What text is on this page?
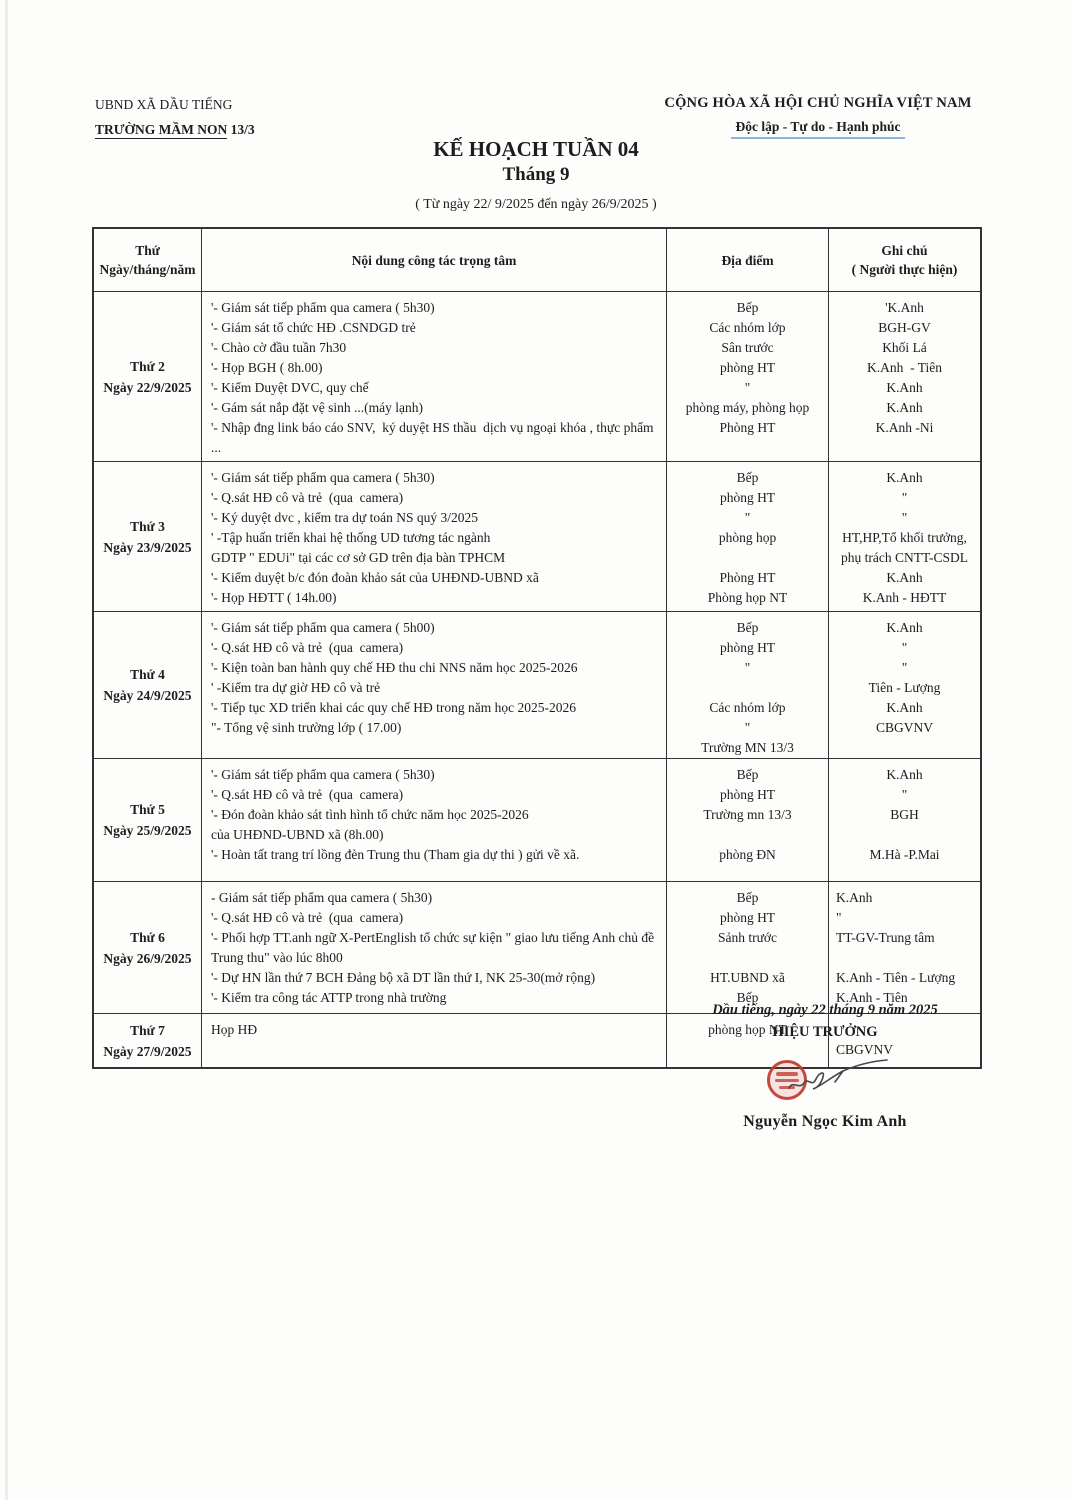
UBND XÃ DẦU TIẾNG
TRƯỜNG MẦM NON 13/3
CỘNG HÒA XÃ HỘI CHỦ NGHĨA VIỆT NAM
Độc lập - Tự do - Hạnh phúc
KẾ HOẠCH TUẦN 04
Tháng 9
( Từ ngày 22/ 9/2025 đến ngày 26/9/2025 )
Thứ
Ngày/tháng/năm
Nội dung công tác trọng tâm	Địa điểm
Ghi chú
( Người thực hiện)
Thứ 2
Ngày 22/9/2025
'- Giám sát tiếp phẩm qua camera ( 5h30)
'- Giám sát tổ chức HĐ .CSNDGD trẻ
'- Chào cờ đầu tuần 7h30
'- Họp BGH ( 8h.00)
'- Kiểm Duyệt DVC, quy chế
'- Gám sát nắp đặt vệ sinh ...(máy lạnh)
'- Nhập đng link báo cáo SNV,  ký duyệt HS thầu  dịch vụ ngoại khóa , thực phẩm ...
Bếp
Các nhóm lớp
Sân trước
phòng HT
"
phòng máy, phòng họp
Phòng HT
'K.Anh
BGH-GV
Khối Lá
K.Anh  - Tiên
K.Anh
K.Anh
K.Anh -Ni
Thứ 3
Ngày 23/9/2025
'- Giám sát tiếp phẩm qua camera ( 5h30)
'- Q.sát HĐ cô và trẻ  (qua  camera)
'- Ký duyệt dvc , kiểm tra dự toán NS quý 3/2025
' -Tập huấn triển khai hệ thống UD tương tác ngành
GDTP " EDUi" tại các cơ sở GD trên địa bàn TPHCM
'- Kiểm duyệt b/c đón đoàn khảo sát của UHĐND-UBND xã
'- Họp HĐTT ( 14h.00)
Bếp
phòng HT
"
phòng họp

Phòng HT
Phòng họp NT
K.Anh
"
"
HT,HP,Tổ khối trưởng,
phụ trách CNTT-CSDL
K.Anh
K.Anh - HĐTT
Thứ 4
Ngày 24/9/2025
'- Giám sát tiếp phẩm qua camera ( 5h00)
'- Q.sát HĐ cô và trẻ  (qua  camera)
'- Kiện toàn ban hành quy chế HĐ thu chi NNS năm học 2025-2026
' -Kiểm tra dự giờ HĐ cô và trẻ
'- Tiếp tục XD triển khai các quy chế HĐ trong năm học 2025-2026
"- Tổng vệ sinh trường lớp ( 17.00)
Bếp
phòng HT
"

Các nhóm lớp
"
Trường MN 13/3
K.Anh
"
"
Tiên - Lượng
K.Anh
CBGVNV
Thứ 5
Ngày 25/9/2025
'- Giám sát tiếp phẩm qua camera ( 5h30)
'- Q.sát HĐ cô và trẻ  (qua  camera)
'- Đón đoàn khảo sát tình hình tổ chức năm học 2025-2026
của UHĐND-UBND xã (8h.00)
'- Hoàn tất trang trí lồng đèn Trung thu (Tham gia dự thi ) gửi về xã.
Bếp
phòng HT
Trường mn 13/3

phòng ĐN
K.Anh
"
BGH

M.Hà -P.Mai
Thứ 6
Ngày 26/9/2025
- Giám sát tiếp phẩm qua camera ( 5h30)
'- Q.sát HĐ cô và trẻ  (qua  camera)
'- Phối hợp TT.anh ngữ X-PertEnglish tổ chức sự kiện " giao lưu tiếng Anh chủ đề
Trung thu" vào lúc 8h00
'- Dự HN lần thứ 7 BCH Đảng bộ xã DT lần thứ I, NK 25-30(mở rộng)
'- Kiểm tra công tác ATTP trong nhà trường
Bếp
phòng HT
Sảnh trước

HT.UBND xã
Bếp
K.Anh
"
TT-GV-Trung tâm

K.Anh - Tiên - Lượng
K.Anh - Tiên
Thứ 7
Ngày 27/9/2025
Họp HĐ	phòng họp NT

CBGVNV
Dầu tiếng, ngày 22 tháng 9 năm 2025
HIỆU TRƯỞNG
Nguyễn Ngọc Kim Anh
